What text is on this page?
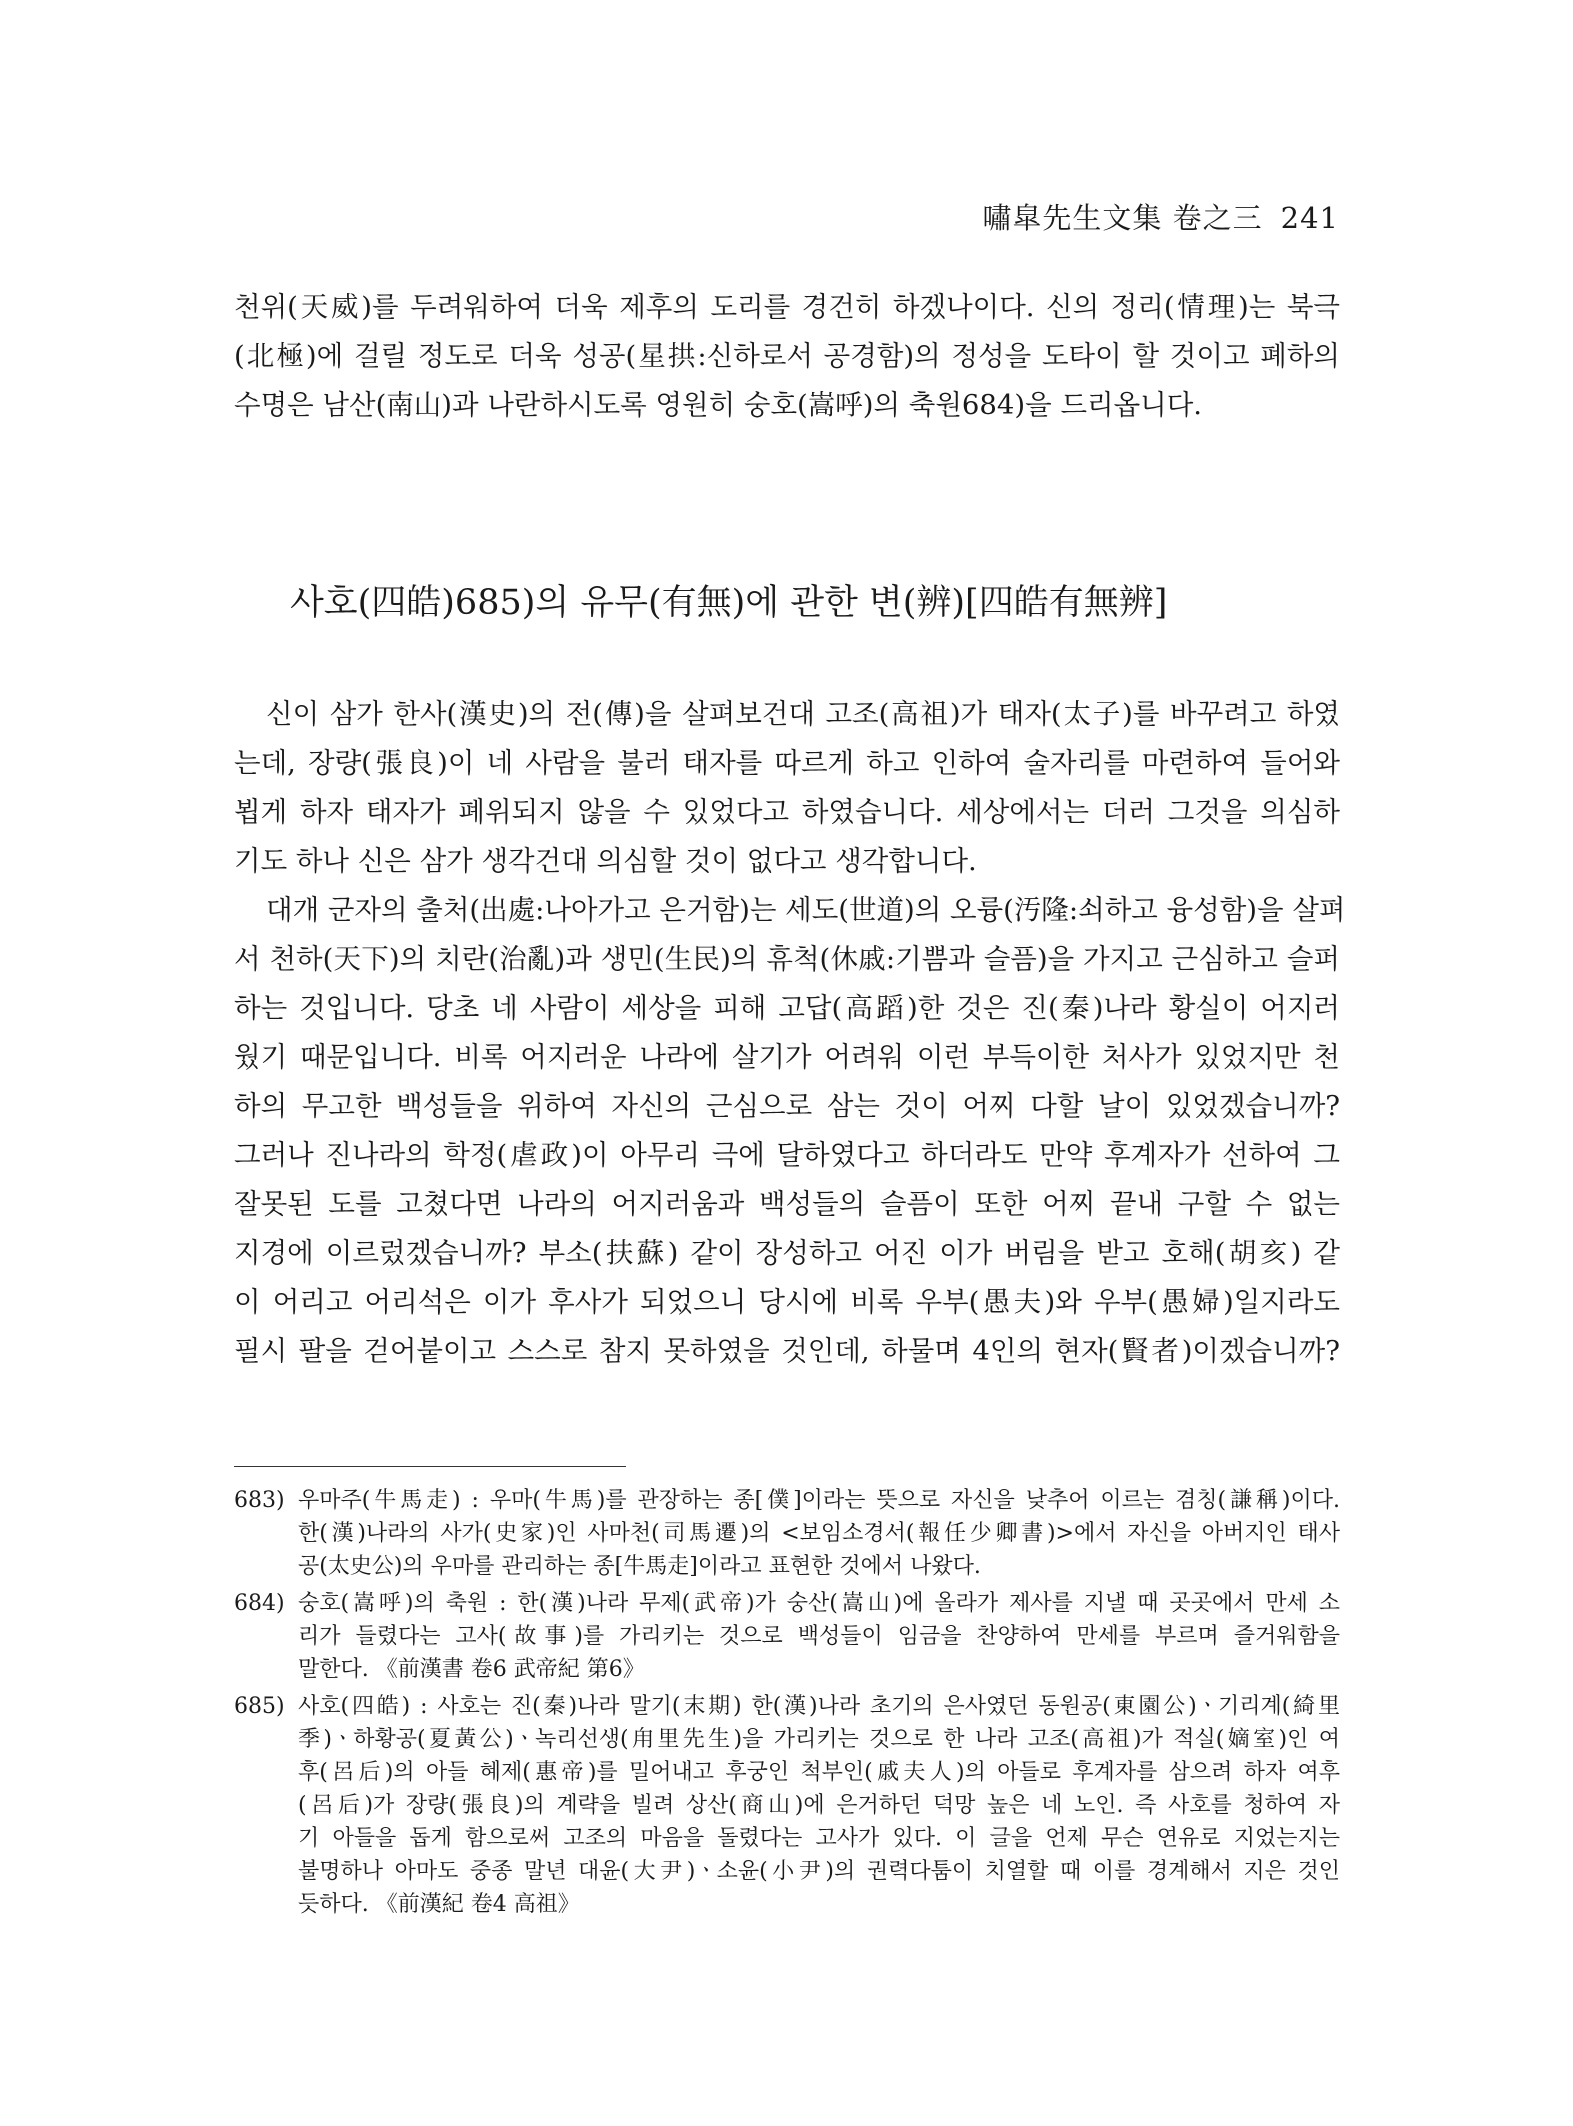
嘯皐先生文集 卷之三 241
천위(天威)를 두려워하여 더욱 제후의 도리를 경건히 하겠나이다. 신의 정리(情理)는 북극
(北極)에 걸릴 정도로 더욱 성공(星拱:신하로서 공경함)의 정성을 도타이 할 것이고 폐하의
수명은 남산(南山)과 나란하시도록 영원히 숭호(嵩呼)의 축원684)을 드리옵니다.
사호(四皓)685)의 유무(有無)에 관한 변(辨)[四皓有無辨]
신이 삼가 한사(漢史)의 전(傳)을 살펴보건대 고조(高祖)가 태자(太子)를 바꾸려고 하였
는데, 장량(張良)이 네 사람을 불러 태자를 따르게 하고 인하여 술자리를 마련하여 들어와
뵙게 하자 태자가 폐위되지 않을 수 있었다고 하였습니다. 세상에서는 더러 그것을 의심하
기도 하나 신은 삼가 생각건대 의심할 것이 없다고 생각합니다.
대개 군자의 출처(出處:나아가고 은거함)는 세도(世道)의 오륭(汚隆:쇠하고 융성함)을 살펴
서 천하(天下)의 치란(治亂)과 생민(生民)의 휴척(休戚:기쁨과 슬픔)을 가지고 근심하고 슬퍼
하는 것입니다. 당초 네 사람이 세상을 피해 고답(高蹈)한 것은 진(秦)나라 황실이 어지러
웠기 때문입니다. 비록 어지러운 나라에 살기가 어려워 이런 부득이한 처사가 있었지만 천
하의 무고한 백성들을 위하여 자신의 근심으로 삼는 것이 어찌 다할 날이 있었겠습니까?
그러나 진나라의 학정(虐政)이 아무리 극에 달하였다고 하더라도 만약 후계자가 선하여 그
잘못된 도를 고쳤다면 나라의 어지러움과 백성들의 슬픔이 또한 어찌 끝내 구할 수 없는
지경에 이르렀겠습니까? 부소(扶蘇) 같이 장성하고 어진 이가 버림을 받고 호해(胡亥) 같
이 어리고 어리석은 이가 후사가 되었으니 당시에 비록 우부(愚夫)와 우부(愚婦)일지라도
필시 팔을 걷어붙이고 스스로 참지 못하였을 것인데, 하물며 4인의 현자(賢者)이겠습니까?
683) 우마주(牛馬走) : 우마(牛馬)를 관장하는 종[僕]이라는 뜻으로 자신을 낮추어 이르는 겸칭(謙稱)이다.
한(漢)나라의 사가(史家)인 사마천(司馬遷)의 <보임소경서(報任少卿書)>에서 자신을 아버지인 태사
공(太史公)의 우마를 관리하는 종[牛馬走]이라고 표현한 것에서 나왔다.
684) 숭호(嵩呼)의 축원 : 한(漢)나라 무제(武帝)가 숭산(嵩山)에 올라가 제사를 지낼 때 곳곳에서 만세 소
리가 들렸다는 고사(故事)를 가리키는 것으로 백성들이 임금을 찬양하여 만세를 부르며 즐거워함을
말한다. 《前漢書 卷6 武帝紀 第6》
685) 사호(四皓) : 사호는 진(秦)나라 말기(末期) 한(漢)나라 초기의 은사였던 동원공(東園公)ㆍ기리계(綺里
季)ㆍ하황공(夏黃公)ㆍ녹리선생(甪里先生)을 가리키는 것으로 한 나라 고조(高祖)가 적실(嫡室)인 여
후(呂后)의 아들 혜제(惠帝)를 밀어내고 후궁인 척부인(戚夫人)의 아들로 후계자를 삼으려 하자 여후
(呂后)가 장량(張良)의 계략을 빌려 상산(商山)에 은거하던 덕망 높은 네 노인. 즉 사호를 청하여 자
기 아들을 돕게 함으로써 고조의 마음을 돌렸다는 고사가 있다. 이 글을 언제 무슨 연유로 지었는지는
불명하나 아마도 중종 말년 대윤(大尹)ㆍ소윤(小尹)의 권력다툼이 치열할 때 이를 경계해서 지은 것인
듯하다. 《前漢紀 卷4 高祖》
